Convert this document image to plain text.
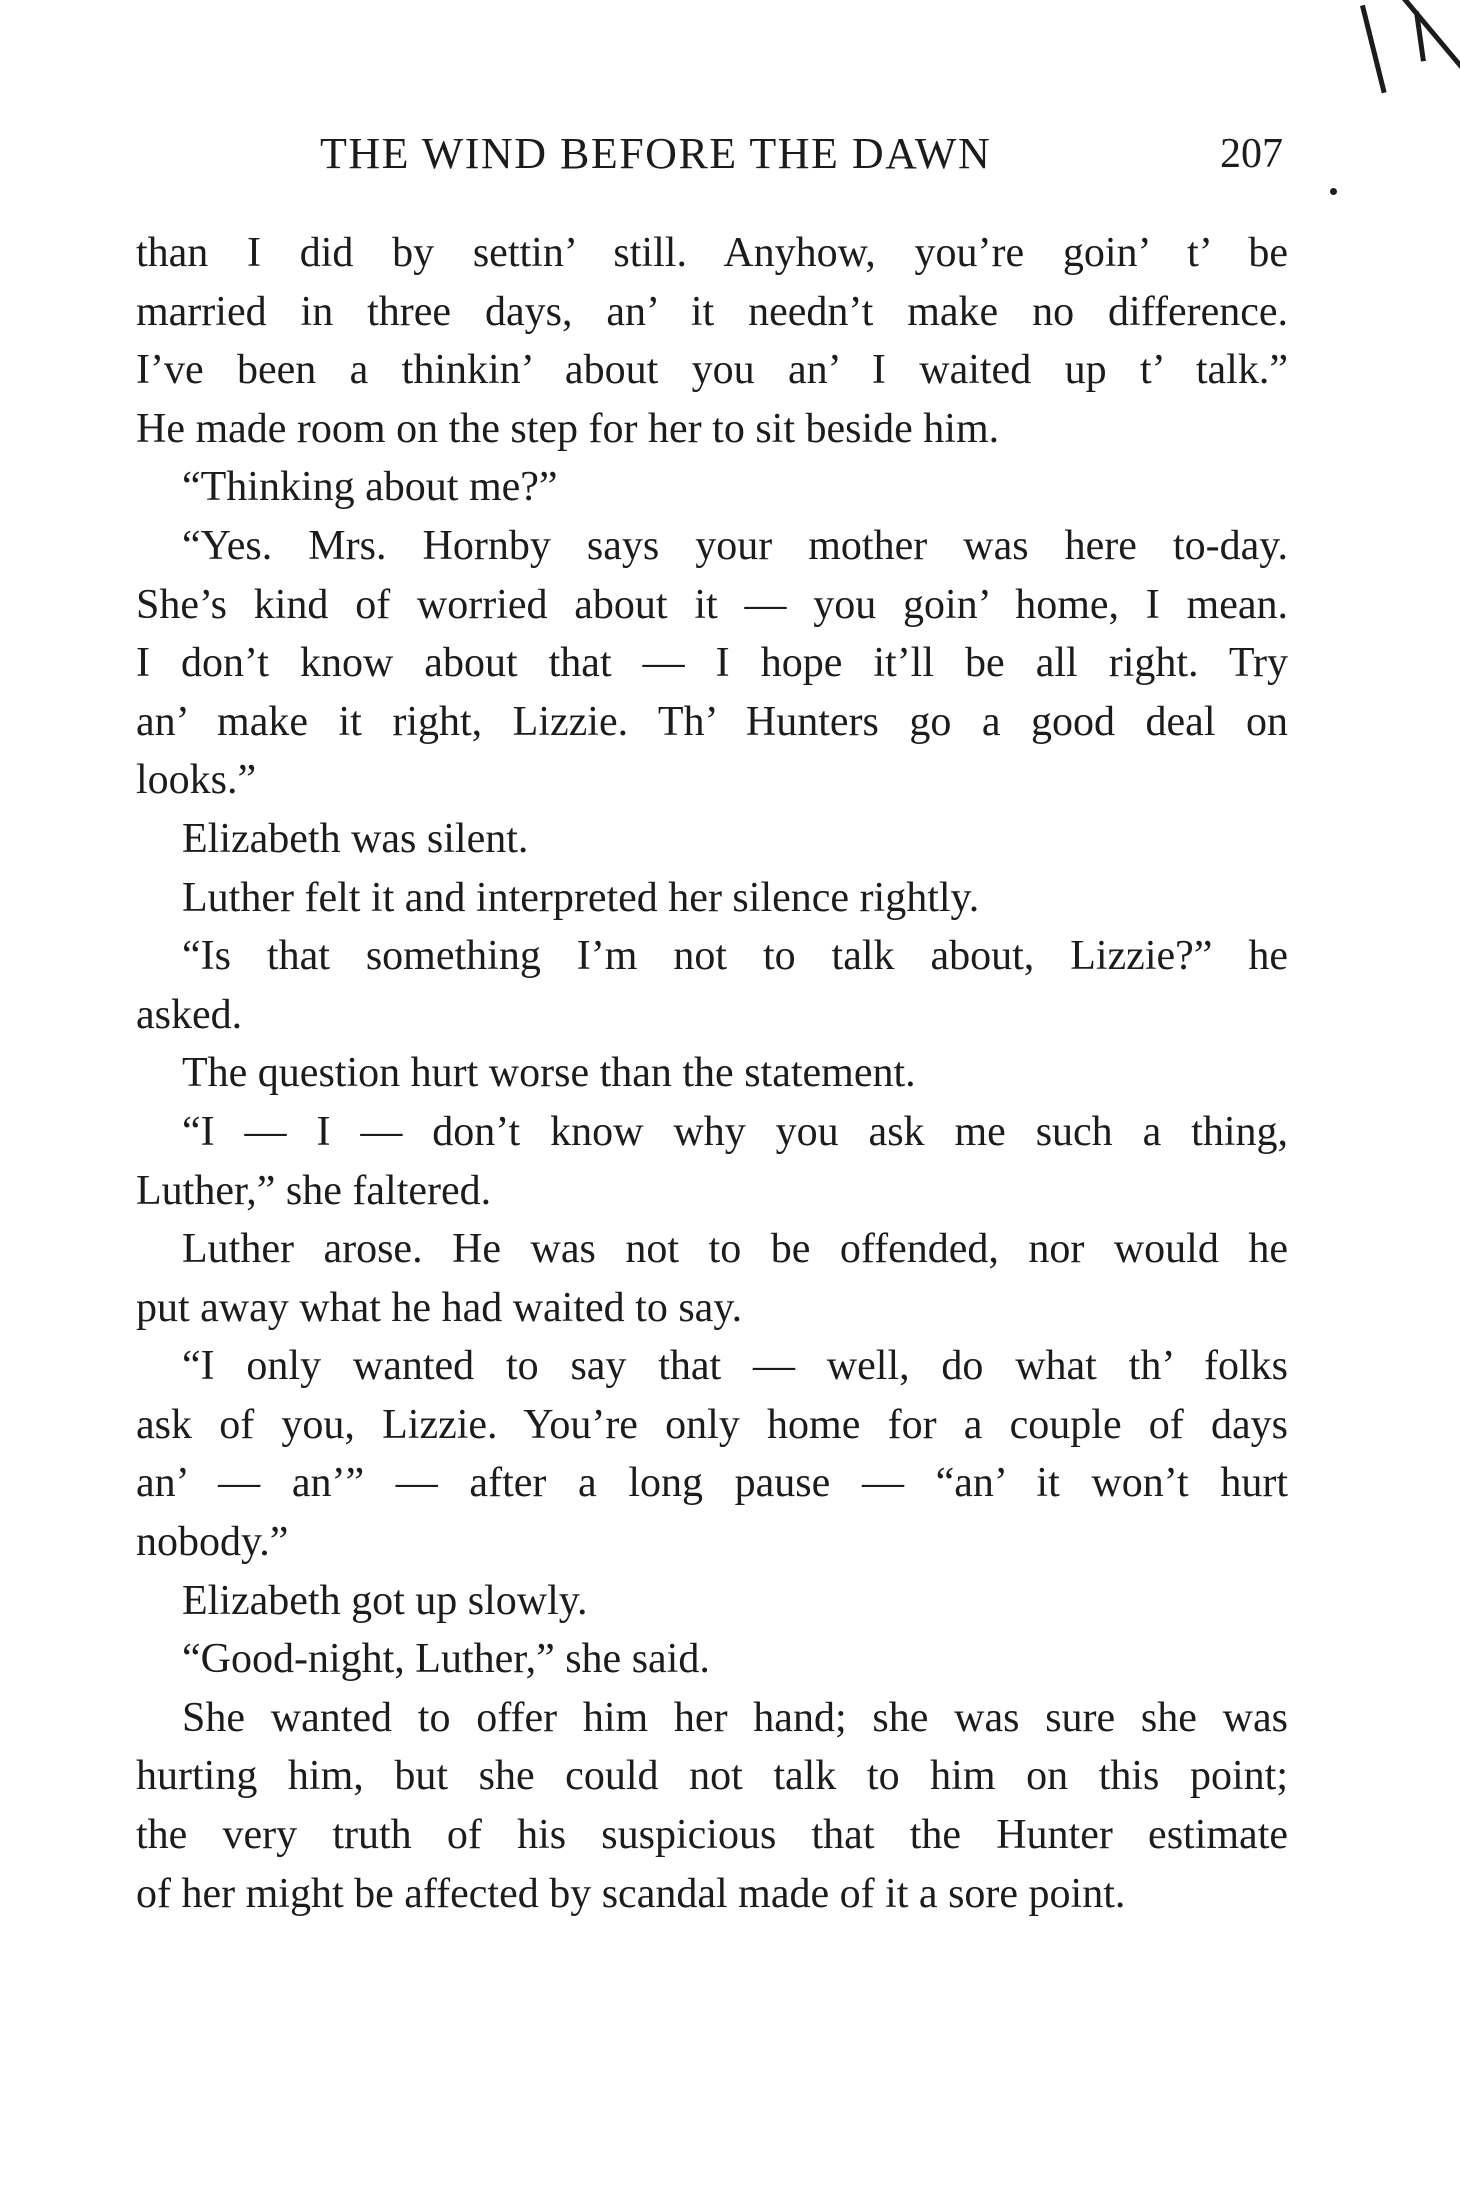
THE WIND BEFORE THE DAWN	207
than I did by settin’ still. Anyhow, you’re goin’ t’ be
married in three days, an’ it needn’t make no difference.
I’ve been a thinkin’ about you an’ I waited up t’ talk.”
He made room on the step for her to sit beside him.
“Thinking about me?”
“Yes. Mrs. Hornby says your mother was here to-day.
She’s kind of worried about it — you goin’ home, I mean.
I don’t know about that — I hope it’ll be all right. Try
an’ make it right, Lizzie. Th’ Hunters go a good deal on
looks.”
Elizabeth was silent.
Luther felt it and interpreted her silence rightly.
“Is that something I’m not to talk about, Lizzie?” he
asked.
The question hurt worse than the statement.
“I — I — don’t know why you ask me such a thing,
Luther,” she faltered.
Luther arose. He was not to be offended, nor would he
put away what he had waited to say.
“I only wanted to say that — well, do what th’ folks
ask of you, Lizzie. You’re only home for a couple of days
an’ — an’” — after a long pause — “an’ it won’t hurt
nobody.”
Elizabeth got up slowly.
“Good-night, Luther,” she said.
She wanted to offer him her hand; she was sure she was
hurting him, but she could not talk to him on this point;
the very truth of his suspicious that the Hunter estimate
of her might be affected by scandal made of it a sore point.
